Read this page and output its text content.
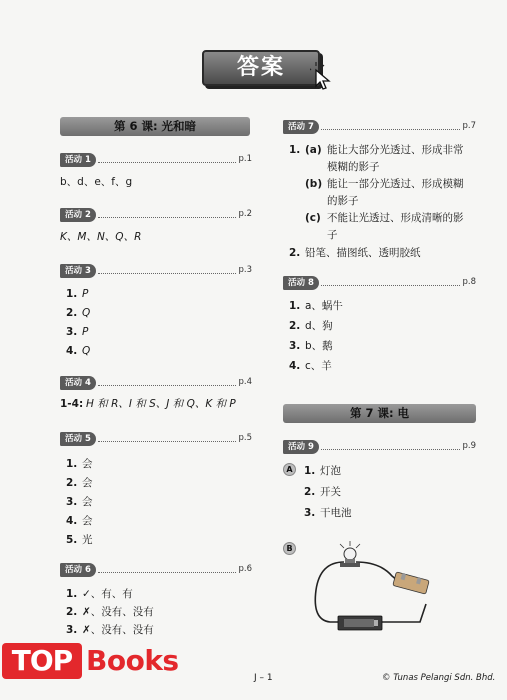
答案
第 6 课: 光和暗
活动 1	p.1
b、d、e、f、g
活动 2	p.2
K、M、N、Q、R
活动 3	p.3
1. P
2. Q
3. P
4. Q
活动 4	p.4
1-4: H 和 R、I 和 S、J 和 Q、K 和 P
活动 5	p.5
1. 会
2. 会
3. 会
4. 会
5. 光
活动 6	p.6
1. ✓、有、有
2. ✗、没有、没有
3. ✗、没有、没有
活动 7	p.7
1. (a) 能让大部分光透过、形成非常
模糊的影子
(b) 能让一部分光透过、形成模糊
的影子
(c) 不能让光透过、形成清晰的影
子
2. 铅笔、描图纸、透明胶纸
活动 8	p.8
1. a、蜗牛
2. d、狗
3. b、鹅
4. c、羊
第 7 课: 电
活动 9	p.9
A	1. 灯泡
2. 开关
3. 干电池
B
J – 1	© Tunas Pelangi Sdn. Bhd.
TOP Books
